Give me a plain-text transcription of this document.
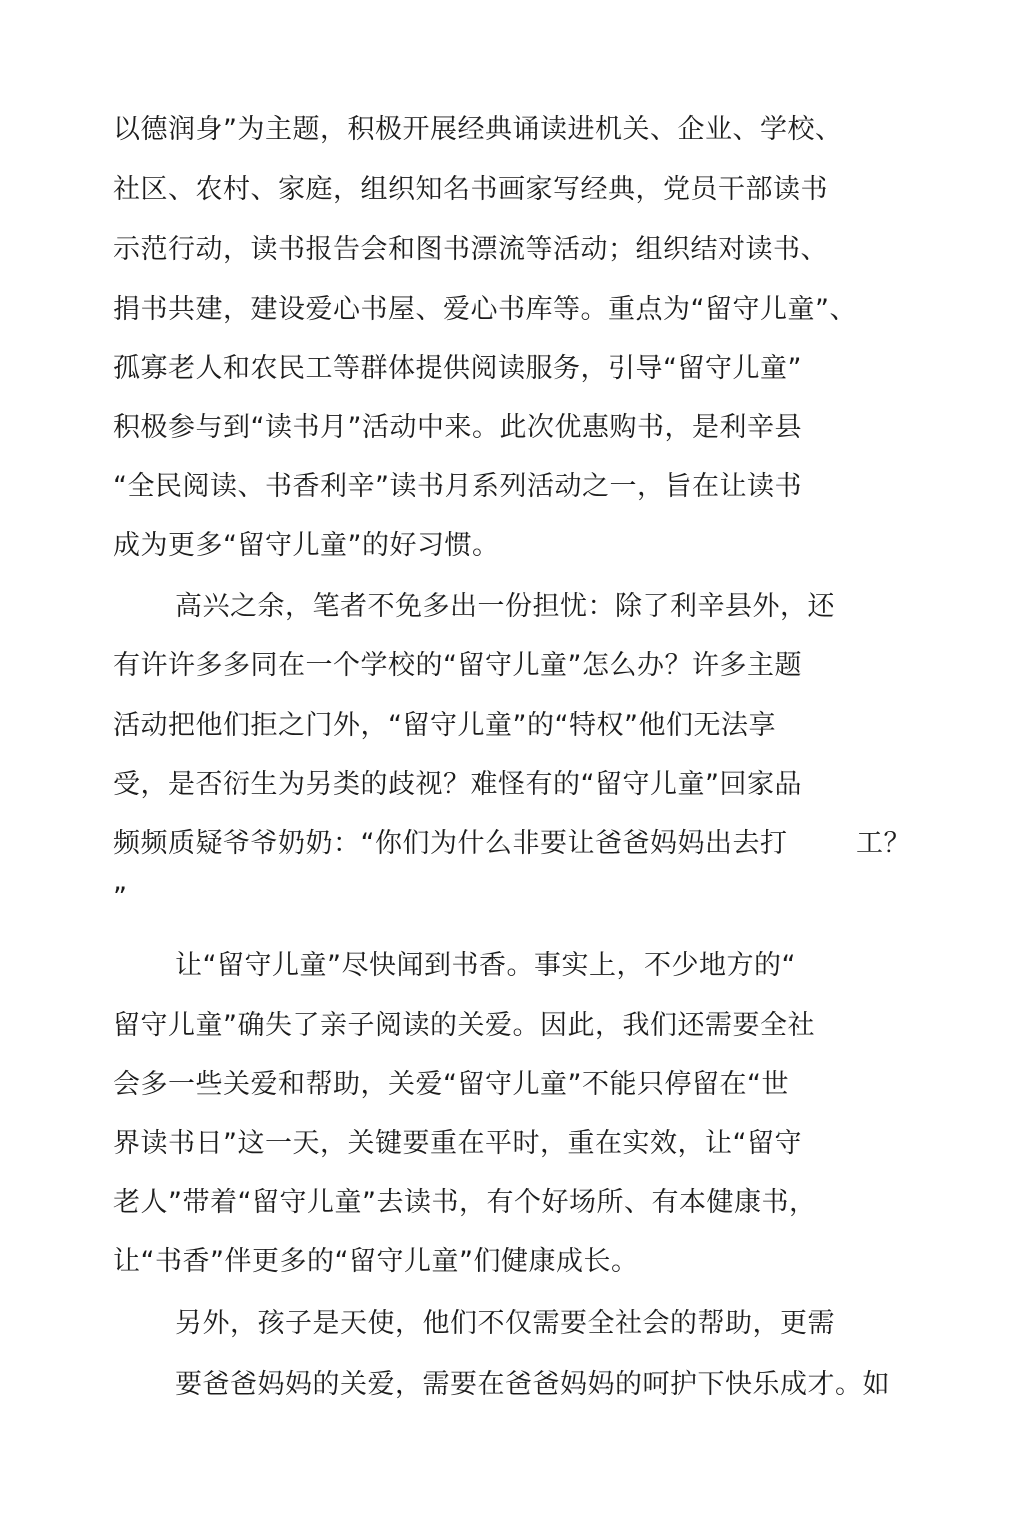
以德润身”为主题，积极开展经典诵读进机关、企业、学校、
社区、农村、家庭，组织知名书画家写经典，党员干部读书
示范行动，读书报告会和图书漂流等活动；组织结对读书、
捐书共建，建设爱心书屋、爱心书库等。重点为“留守儿童”、
孤寡老人和农民工等群体提供阅读服务，引导“留守儿童”
积极参与到“读书月”活动中来。此次优惠购书，是利辛县
“全民阅读、书香利辛”读书月系列活动之一，旨在让读书
成为更多“留守儿童”的好习惯。
高兴之余，笔者不免多出一份担忧：除了利辛县外，还
有许许多多同在一个学校的“留守儿童”怎么办？许多主题
活动把他们拒之门外，“留守儿童”的“特权”他们无法享
受，是否衍生为另类的歧视？难怪有的“留守儿童”回家品
频频质疑爷爷奶奶：“你们为什么非要让爸爸妈妈出去打	工？
”
让“留守儿童”尽快闻到书香。事实上，不少地方的“
留守儿童”确失了亲子阅读的关爱。因此，我们还需要全社
会多一些关爱和帮助，关爱“留守儿童”不能只停留在“世
界读书日”这一天，关键要重在平时，重在实效，让“留守
老人”带着“留守儿童”去读书，有个好场所、有本健康书，
让“书香”伴更多的“留守儿童”们健康成长。
另外，孩子是天使，他们不仅需要全社会的帮助，更需
要爸爸妈妈的关爱，需要在爸爸妈妈的呵护下快乐成才。如
